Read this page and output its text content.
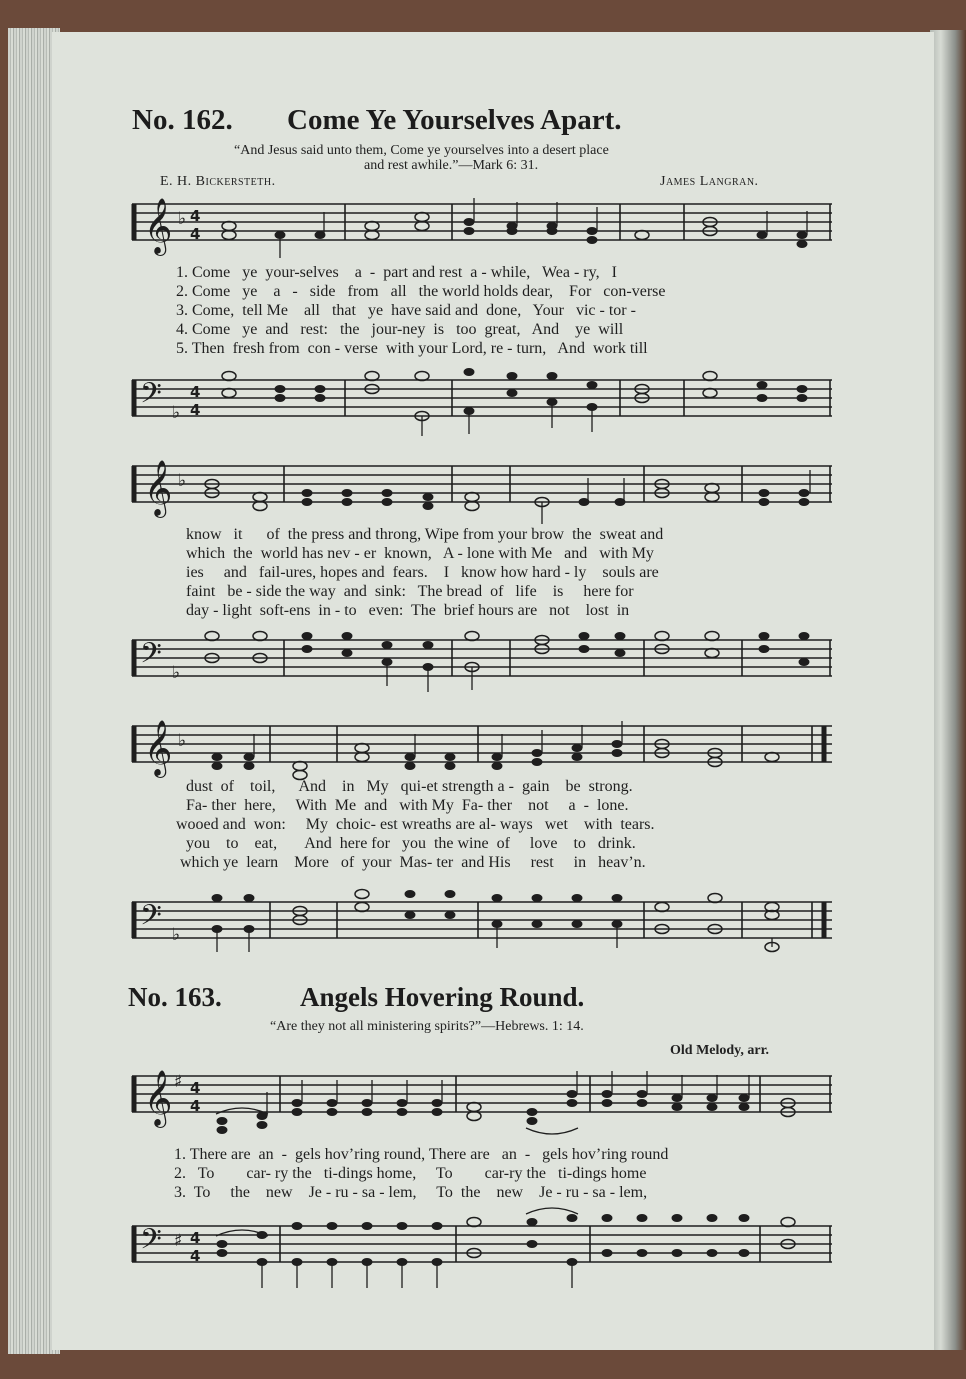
No. 162. Come Ye Yourselves Apart.
“And Jesus said unto them, Come ye yourselves into a desert place
and rest awhile.”—Mark 6: 31.
E. H. Bickersteth.	James Langran.
𝄞 ♭ 4
4
1. Come   ye  your-selves    a  -  part and rest  a - while,   Wea - ry,   I
2. Come   ye    a   -   side   from   all   the world holds dear,    For   con-verse
3. Come,  tell Me    all   that   ye  have said and  done,   Your   vic - tor -
4. Come   ye  and   rest:   the   jour-ney  is   too  great,   And    ye  will
5. Then  fresh from  con - verse  with your Lord, re - turn,   And  work till
𝄢 ♭
4
4
𝄞 ♭
know   it      of  the press and throng, Wipe from your brow  the  sweat and
which  the  world has nev - er  known,   A - lone with Me   and   with My
ies     and   fail-ures, hopes and  fears.    I   know how hard - ly    souls are
faint   be - side the way  and  sink:   The bread  of   life    is     here for
day - light  soft-ens  in - to   even:  The  brief hours are   not    lost  in
𝄢 ♭
𝄞 ♭
dust  of    toil,      And    in   My   qui-et strength a -  gain    be  strong.
Fa- ther  here,     With  Me  and   with My  Fa- ther    not     a  -  lone.
wooed and  won:     My  choic- est wreaths are al- ways   wet    with  tears.
you    to    eat,       And  here for   you  the wine  of     love    to   drink.
which ye  learn    More   of  your  Mas- ter  and His     rest     in   heav’n.
𝄢 ♭
No. 163.	Angels Hovering Round.
“Are they not all ministering spirits?”—Hebrews. 1: 14.
Old Melody, arr.
𝄞 ♯ 4
4
1. There are  an  -  gels hov’ring round, There are   an  -   gels hov’ring round
2.   To        car- ry the   ti-dings home,     To        car-ry the   ti-dings home
3.  To     the    new    Je - ru - sa - lem,     To  the    new    Je - ru - sa - lem,
𝄢 ♯ 4
4
